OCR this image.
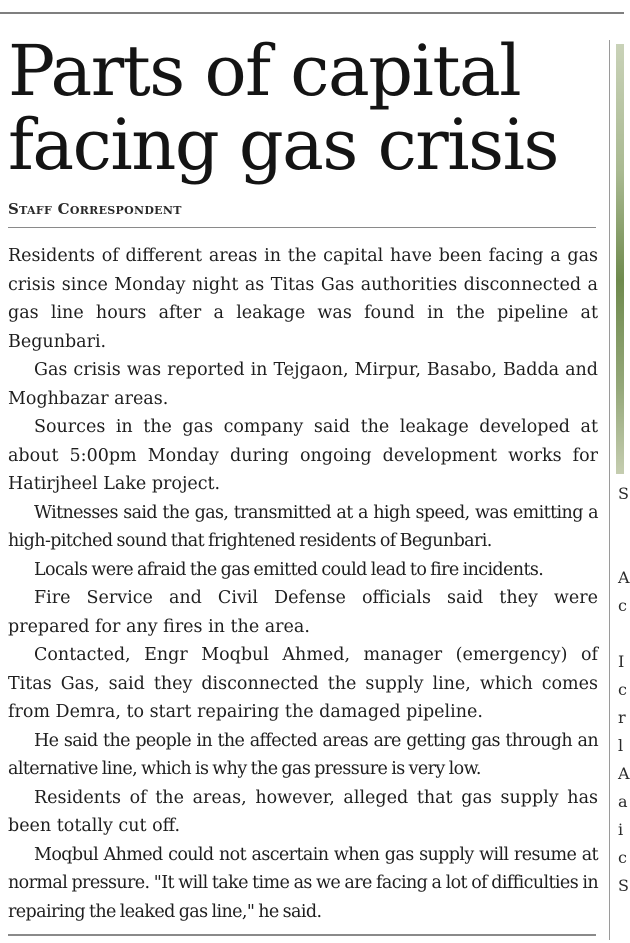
Parts of capital facing gas crisis
Staff Correspondent

Residents of different areas in the capital have been facing a gas crisis since Monday night as Titas Gas authorities disconnected a gas line hours after a leakage was found in the pipeline at Begunbari.

Gas crisis was reported in Tejgaon, Mirpur, Basabo, Badda and Moghbazar areas.

Sources in the gas company said the leakage developed at about 5:00pm Monday during ongoing development works for Hatirjheel Lake project.

Witnesses said the gas, transmitted at a high speed, was emitting a high-pitched sound that frightened residents of Begunbari.

Locals were afraid the gas emitted could lead to fire incidents.

Fire Service and Civil Defense officials said they were prepared for any fires in the area.

Contacted, Engr Moqbul Ahmed, manager (emergency) of Titas Gas, said they disconnected the supply line, which comes from Demra, to start repairing the damaged pipeline.

He said the people in the affected areas are getting gas through an alternative line, which is why the gas pressure is very low.

Residents of the areas, however, alleged that gas supply has been totally cut off.

Moqbul Ahmed could not ascertain when gas supply will resume at normal pressure. "It will take time as we are facing a lot of difficulties in repairing the leaked gas line," he said.

S
A
c
I
c
r
l
A
a
i
c
S
